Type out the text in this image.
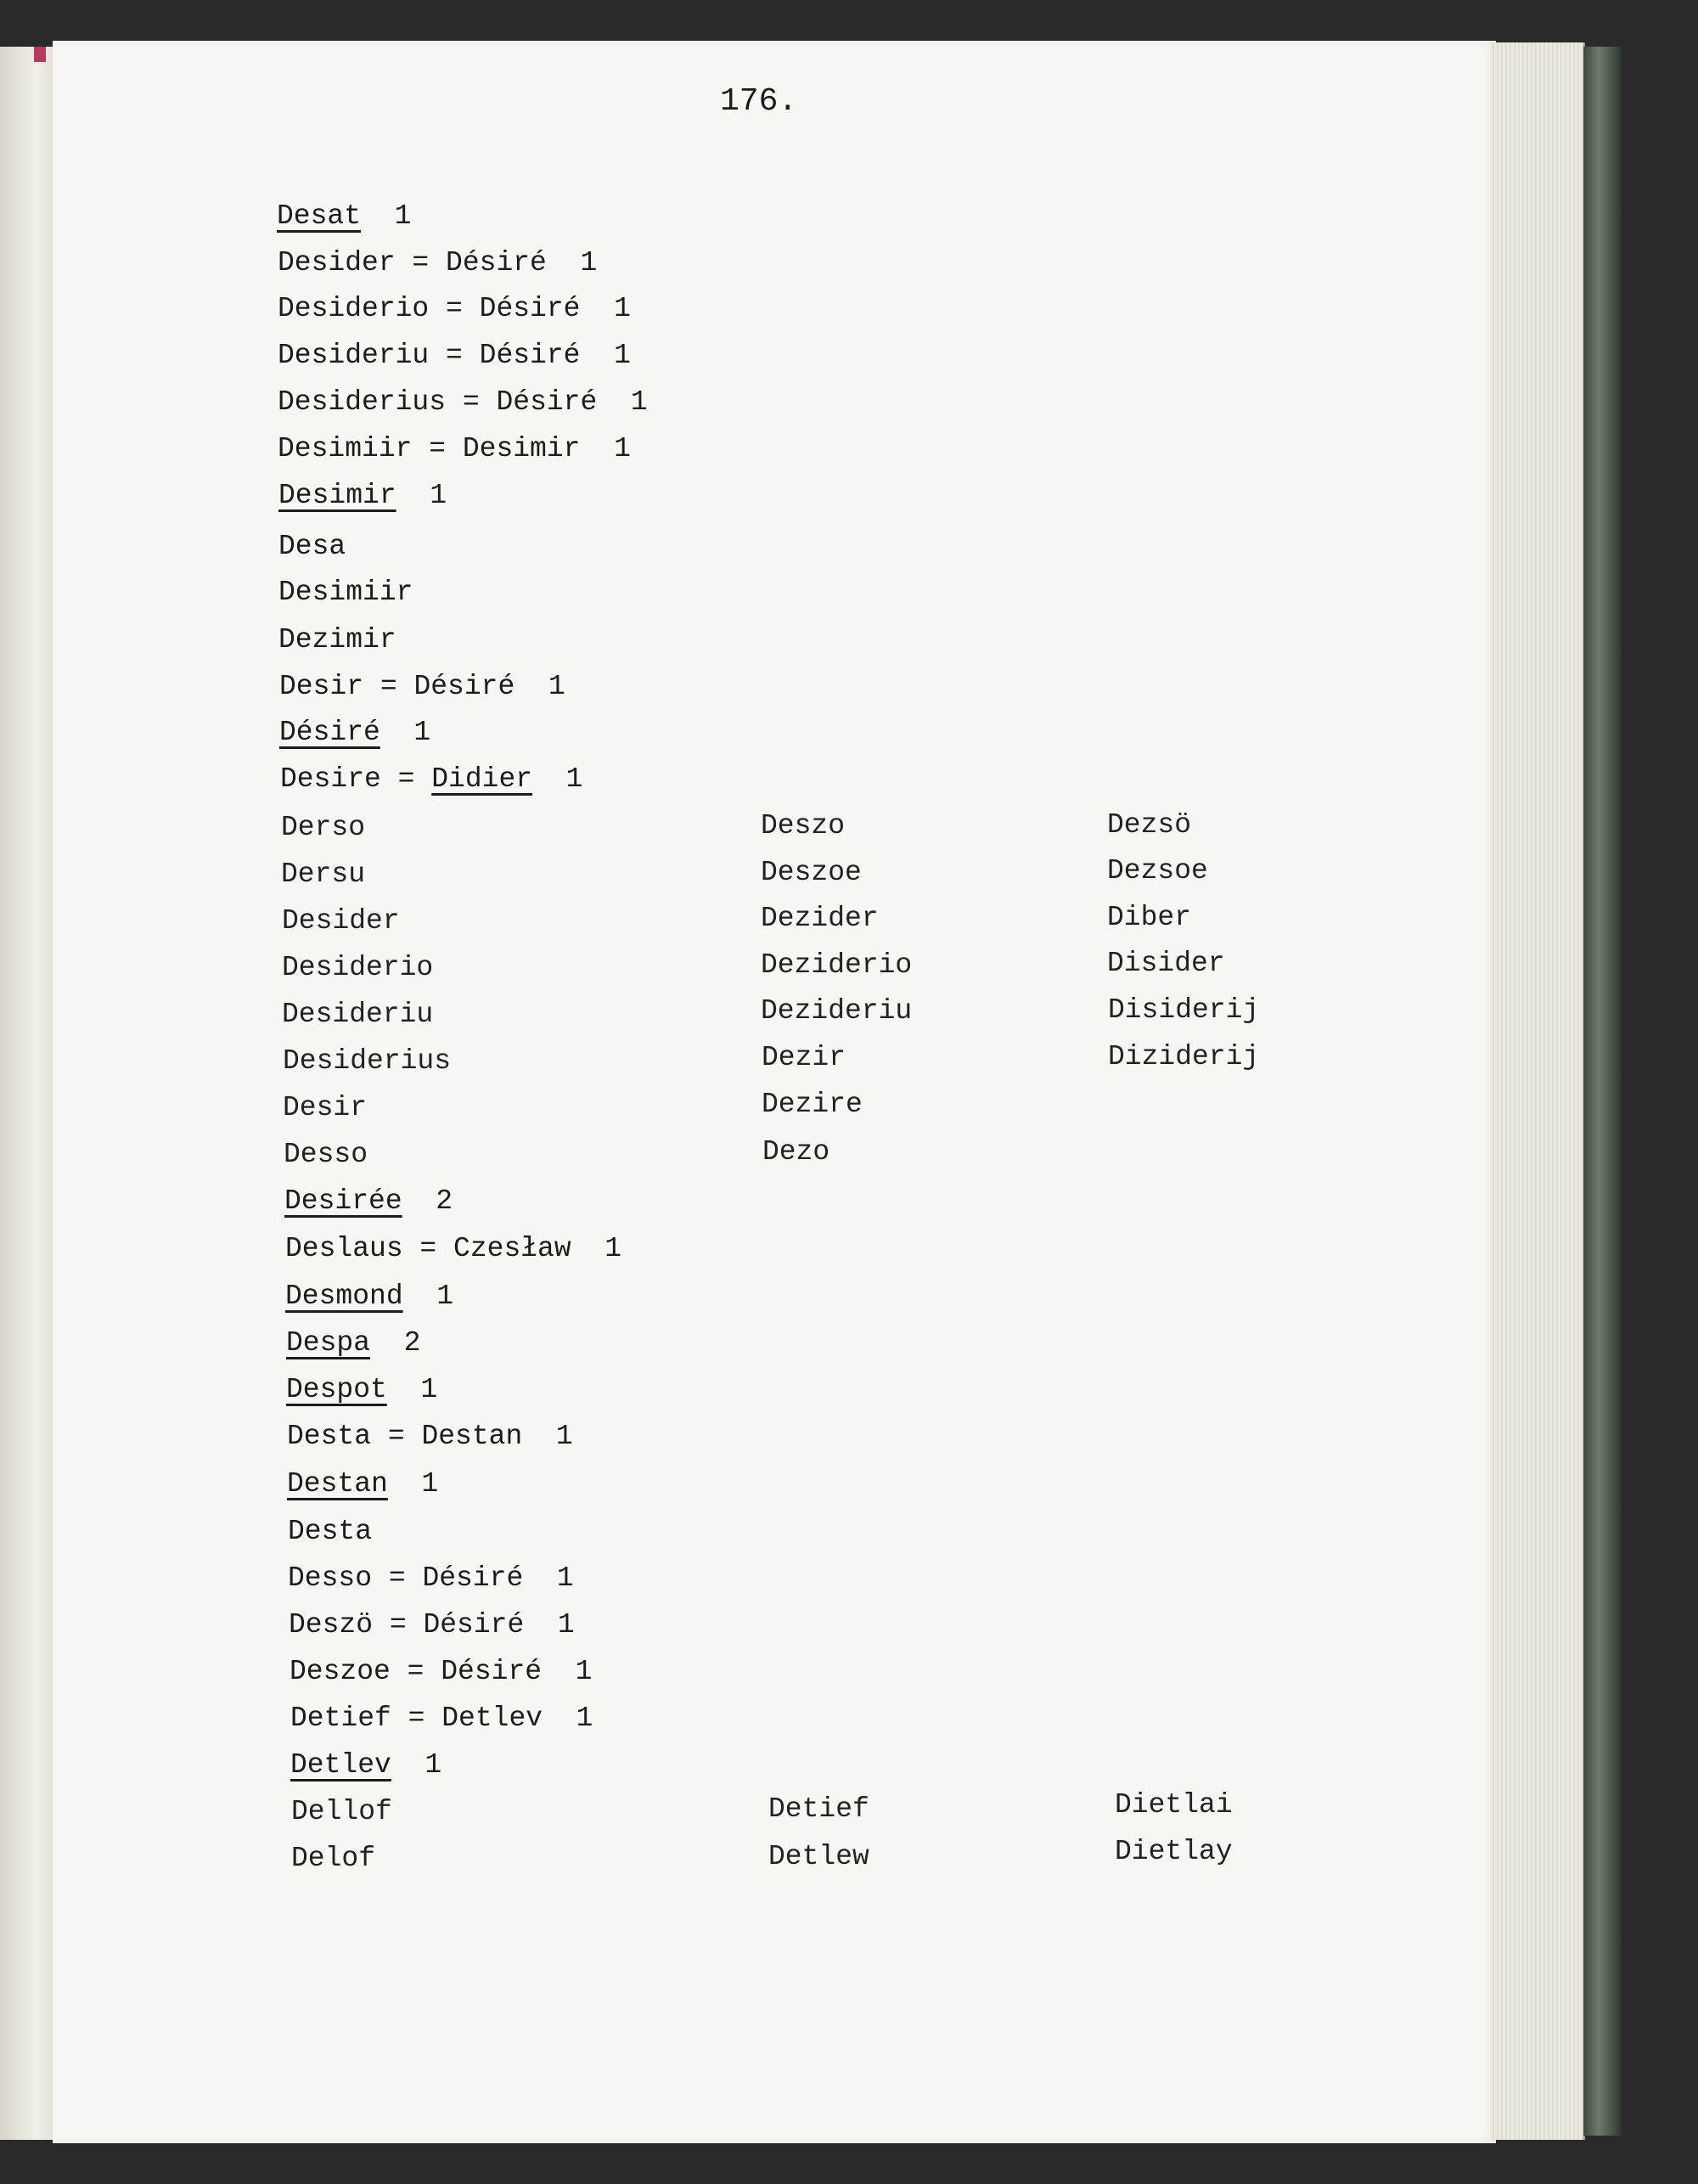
176.
Desat  1
Desider = Désiré  1
Desiderio = Désiré  1
Desideriu = Désiré  1
Desiderius = Désiré  1
Desimiir = Desimir  1
Desimir  1
Desa
Desimiir
Dezimir
Desir = Désiré  1
Désiré  1
Desire = Didier  1
Derso
Dersu
Desider
Desiderio
Desideriu
Desiderius
Desir
Desso
Deszo
Deszoe
Dezider
Deziderio
Dezideriu
Dezir
Dezire
Dezo
Dezsö
Dezsoe
Diber
Disider
Disiderij
Diziderij
Desirée  2
Deslaus = Czesław  1
Desmond  1
Despa  2
Despot  1
Desta = Destan  1
Destan  1
Desta
Desso = Désiré  1
Deszö = Désiré  1
Deszoe = Désiré  1
Detief = Detlev  1
Detlev  1
Dellof
Delof
Detief
Detlew
Dietlai
Dietlay
